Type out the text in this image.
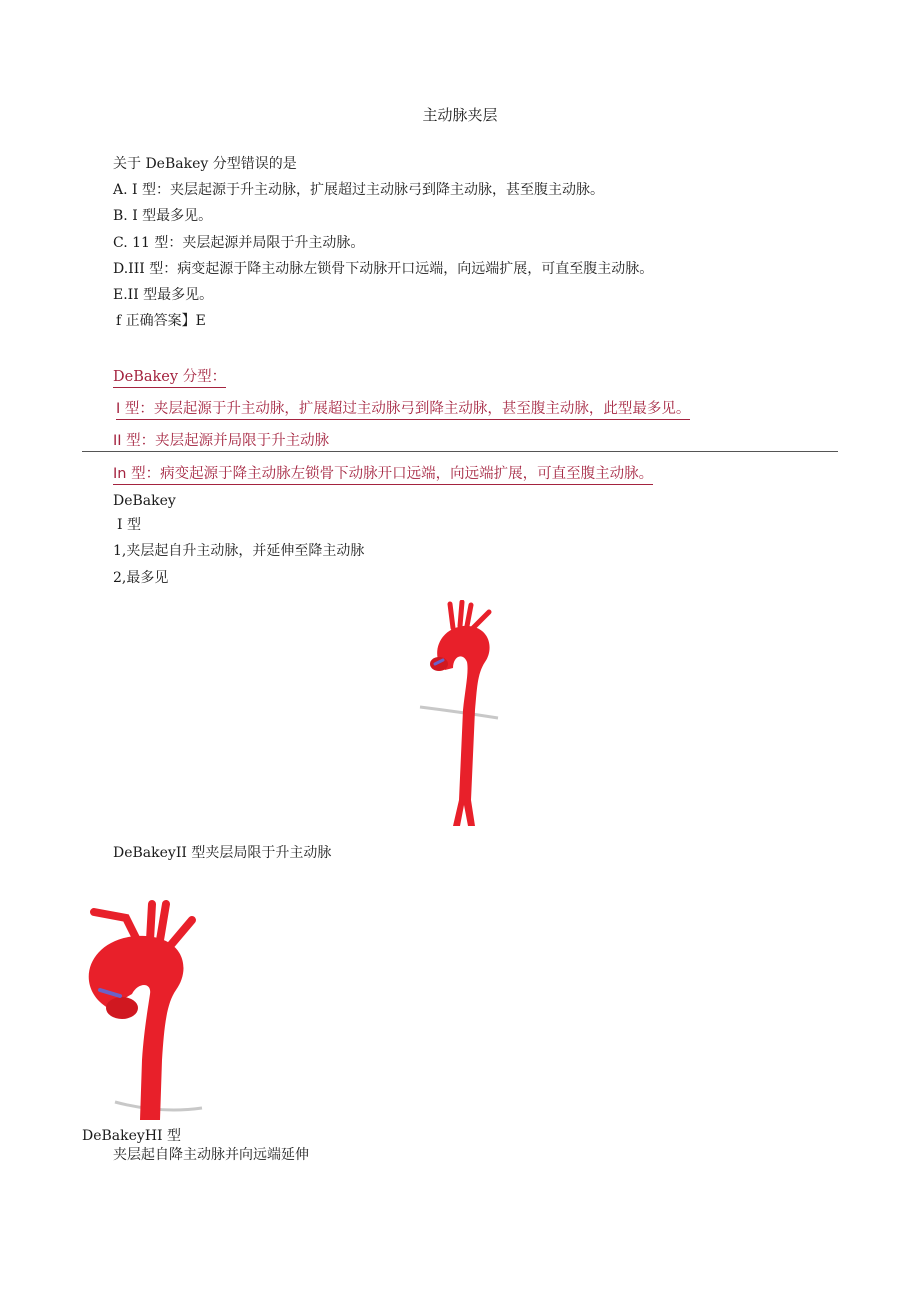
主动脉夹层
关于 DeBakey 分型错误的是
A. I 型：夹层起源于升主动脉，扩展超过主动脉弓到降主动脉，甚至腹主动脉。
B. I 型最多见。
C. 11 型：夹层起源并局限于升主动脉。
D.III 型：病变起源于降主动脉左锁骨下动脉开口远端，向远端扩展，可直至腹主动脉。
E.II 型最多见。
f 正确答案】E
DeBakey 分型：
I 型：夹层起源于升主动脉，扩展超过主动脉弓到降主动脉，甚至腹主动脉，此型最多见。
II 型：夹层起源并局限于升主动脉
In 型：病变起源于降主动脉左锁骨下动脉开口远端，向远端扩展，可直至腹主动脉。
DeBakey
I 型
1,夹层起自升主动脉，并延伸至降主动脉
2,最多见
DeBakeyII 型夹层局限于升主动脉
DeBakeyHI 型
夹层起自降主动脉并向远端延伸
